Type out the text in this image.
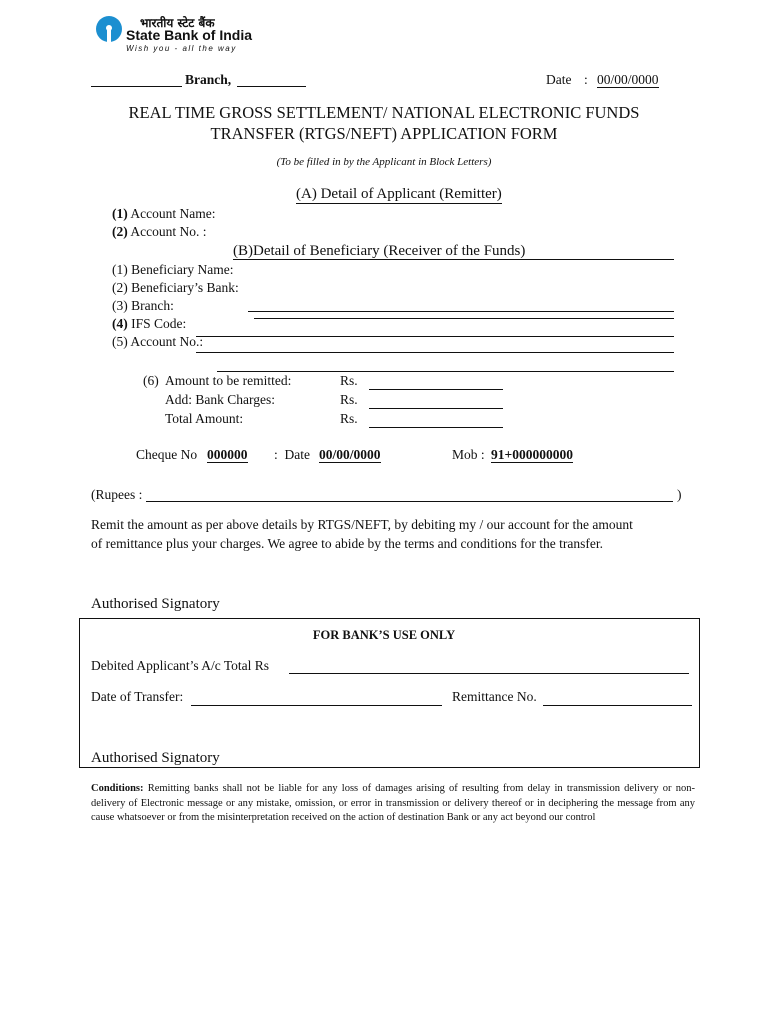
भारतीय स्टेट बैंक
State Bank of India
Wish you - all the way
Branch,	Date : 00/00/0000
REAL TIME GROSS SETTLEMENT/ NATIONAL ELECTRONIC FUNDS
TRANSFER (RTGS/NEFT) APPLICATION FORM
(To be filled in by the Applicant in Block Letters)
(A) Detail of Applicant (Remitter)
(1) Account Name:
(2) Account No. :
(B)Detail of Beneficiary (Receiver of the Funds)
(1) Beneficiary Name:
(2) Beneficiary’s Bank:
(3) Branch:
(4) IFS Code:
(5) Account No.:
(6) Amount to be remitted:	Rs.
Add: Bank Charges:	Rs.
Total Amount:	Rs.
Cheque No 000000 :  Date 00/00/0000	Mob : 91+000000000
(Rupees :	)
Remit the amount as per above details by RTGS/NEFT, by debiting my / our account for the amount
of remittance plus your charges. We agree to abide by the terms and conditions for the transfer.
Authorised Signatory
FOR BANK’S USE ONLY
Debited Applicant’s A/c Total Rs
Date of Transfer:	Remittance No.
Authorised Signatory
Conditions: Remitting banks shall not be liable for any loss of damages arising of resulting from delay in transmission delivery or non-delivery of Electronic message or any mistake, omission, or error in transmission or delivery thereof or in deciphering the message from any cause whatsoever or from the misinterpretation received on the action of destination Bank or any act beyond our control
